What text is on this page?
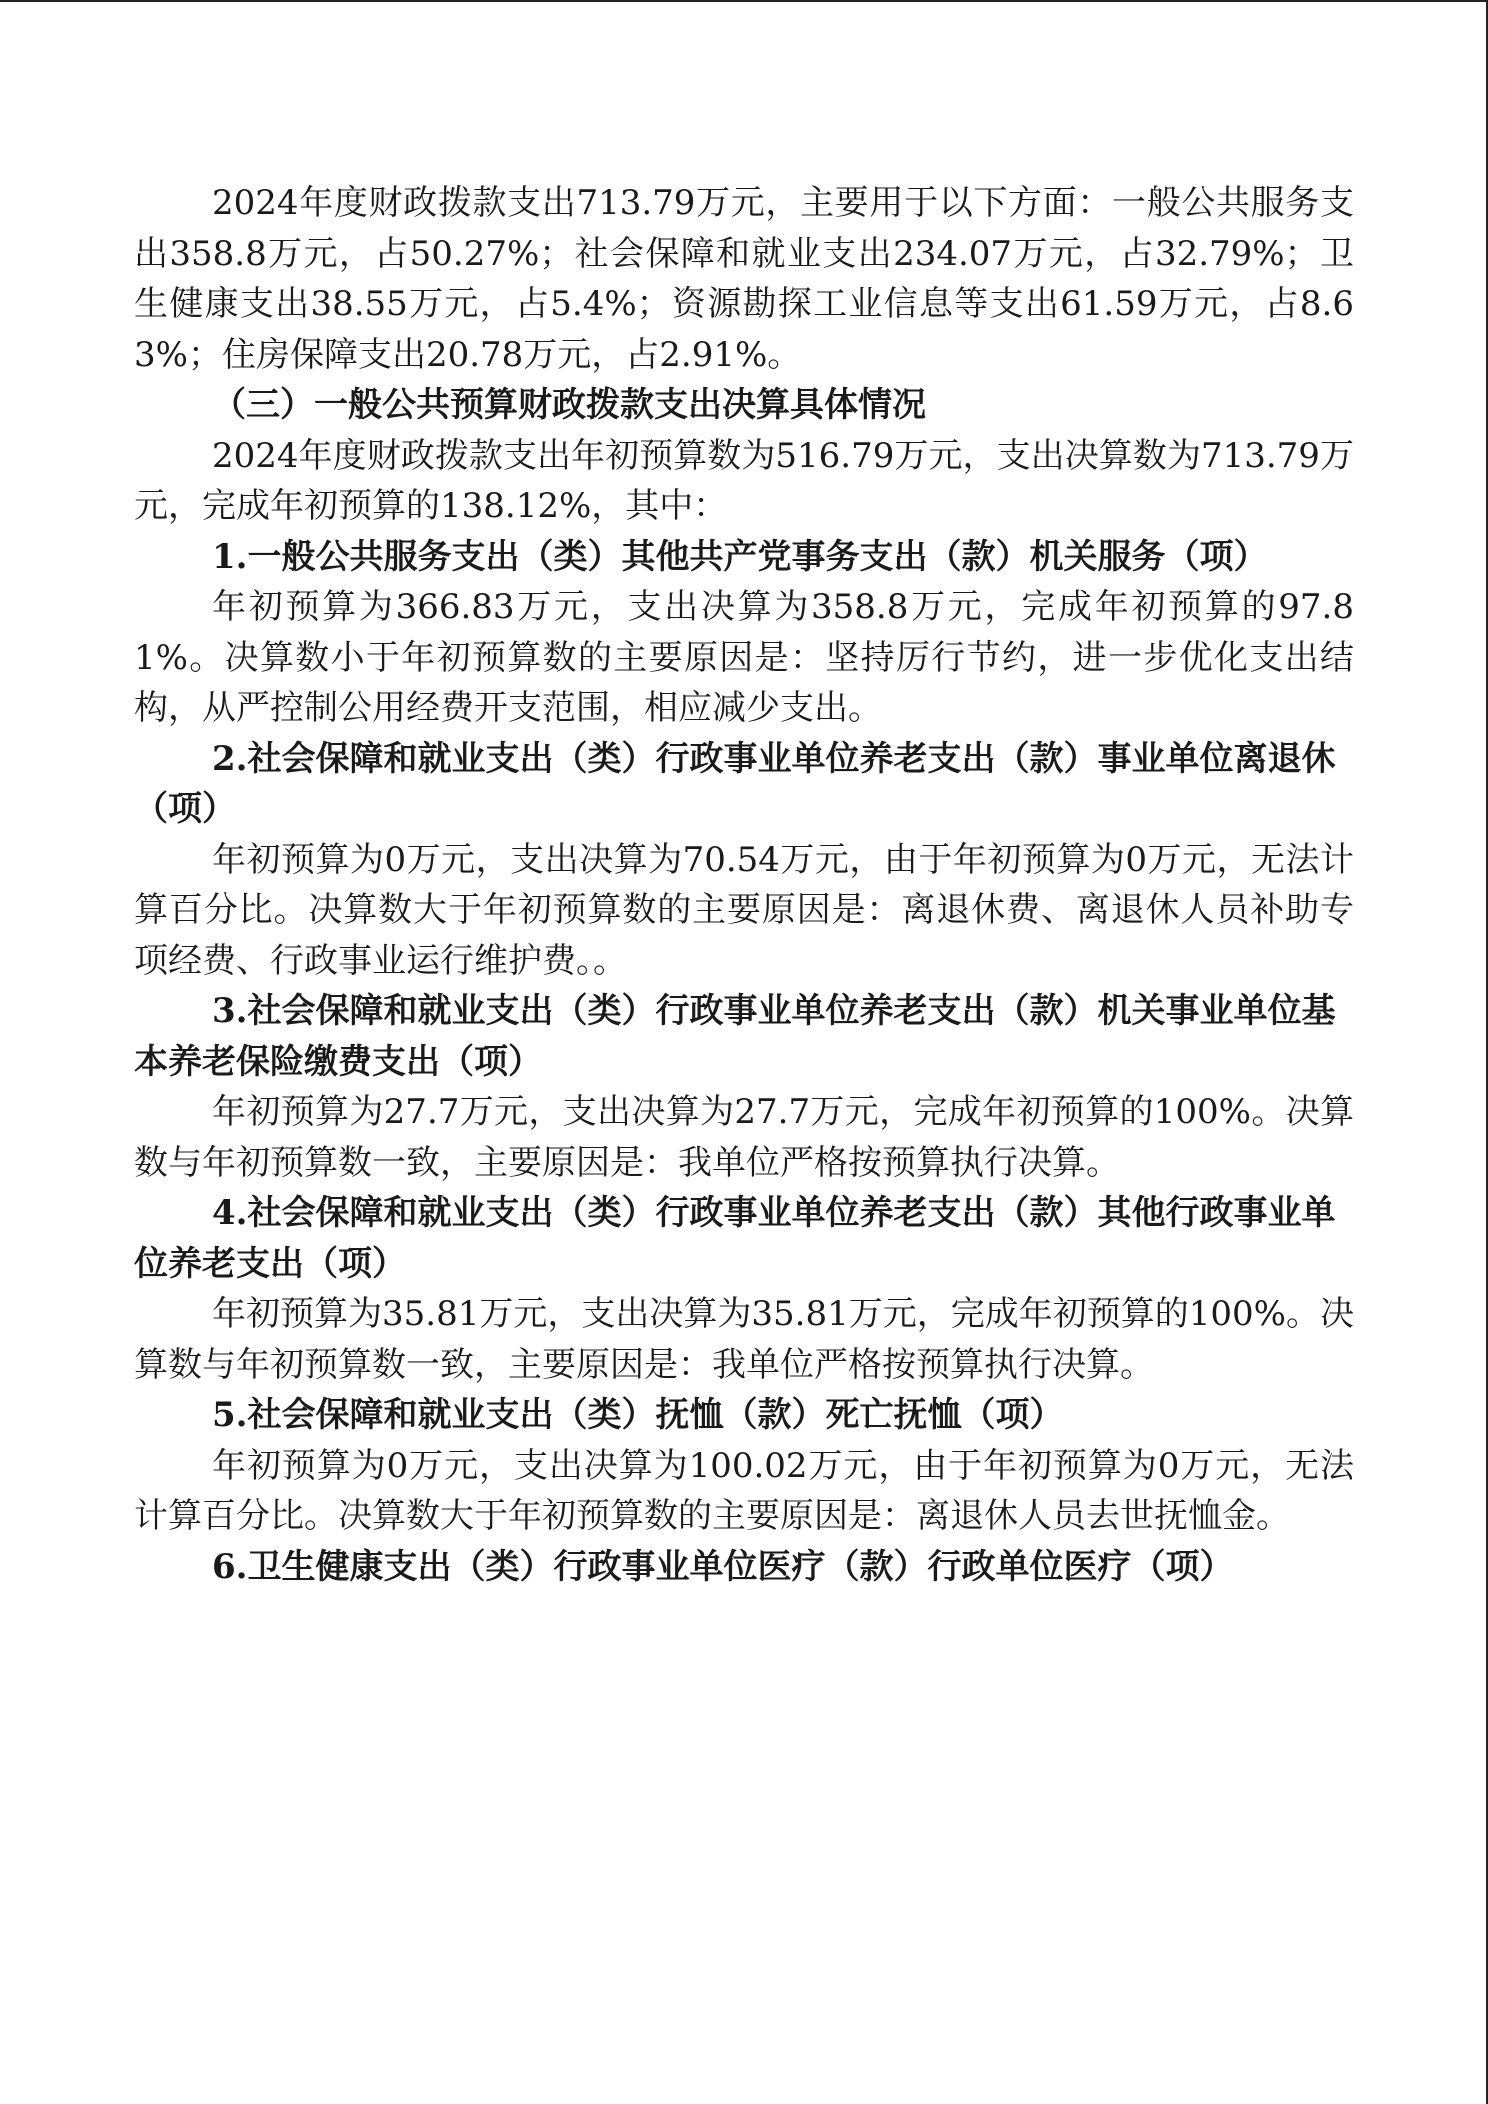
2024年度财政拨款支出713.79万元，主要用于以下方面：一般公共服务支出358.8万元，占50.27%；社会保障和就业支出234.07万元，占32.79%；卫生健康支出38.55万元，占5.4%；资源勘探工业信息等支出61.59万元，占8.63%；住房保障支出20.78万元，占2.91%。

（三）一般公共预算财政拨款支出决算具体情况

2024年度财政拨款支出年初预算数为516.79万元，支出决算数为713.79万元，完成年初预算的138.12%，其中：

1.一般公共服务支出（类）其他共产党事务支出（款）机关服务（项）

年初预算为366.83万元，支出决算为358.8万元，完成年初预算的97.81%。决算数小于年初预算数的主要原因是：坚持厉行节约，进一步优化支出结构，从严控制公用经费开支范围，相应减少支出。

2.社会保障和就业支出（类）行政事业单位养老支出（款）事业单位离退休（项）

年初预算为0万元，支出决算为70.54万元，由于年初预算为0万元，无法计算百分比。决算数大于年初预算数的主要原因是：离退休费、离退休人员补助专项经费、行政事业运行维护费。。

3.社会保障和就业支出（类）行政事业单位养老支出（款）机关事业单位基本养老保险缴费支出（项）

年初预算为27.7万元，支出决算为27.7万元，完成年初预算的100%。决算数与年初预算数一致，主要原因是：我单位严格按预算执行决算。

4.社会保障和就业支出（类）行政事业单位养老支出（款）其他行政事业单位养老支出（项）

年初预算为35.81万元，支出决算为35.81万元，完成年初预算的100%。决算数与年初预算数一致，主要原因是：我单位严格按预算执行决算。

5.社会保障和就业支出（类）抚恤（款）死亡抚恤（项）

年初预算为0万元，支出决算为100.02万元，由于年初预算为0万元，无法计算百分比。决算数大于年初预算数的主要原因是：离退休人员去世抚恤金。

6.卫生健康支出（类）行政事业单位医疗（款）行政单位医疗（项）
